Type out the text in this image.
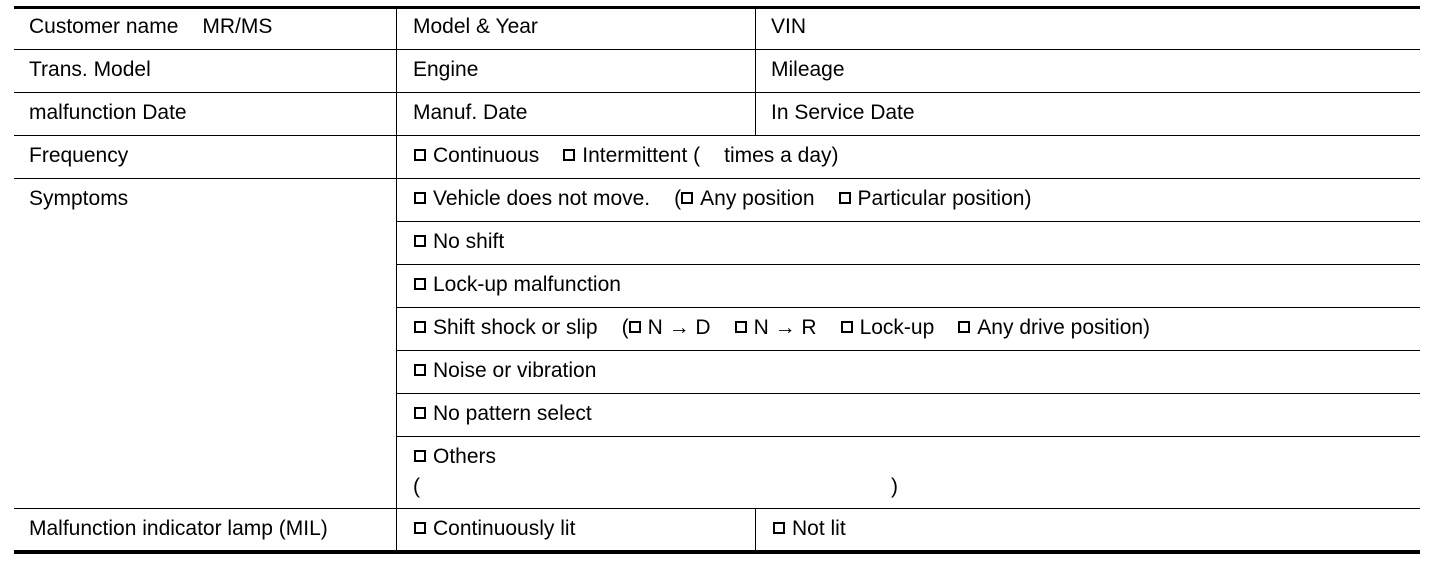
Customer name MR/MS	Model & Year	VIN
Trans. Model	Engine	Mileage
malfunction Date	Manuf. Date	In Service Date
Frequency	Continuous Intermittent ( times a day)
Symptoms	Vehicle does not move. ( Any position Particular position)
No shift
Lock-up malfunction
Shift shock or slip ( N → D N → R Lock-up Any drive position)
Noise or vibration
No pattern select
Others
(	)
Malfunction indicator lamp (MIL)	Continuously lit	Not lit
